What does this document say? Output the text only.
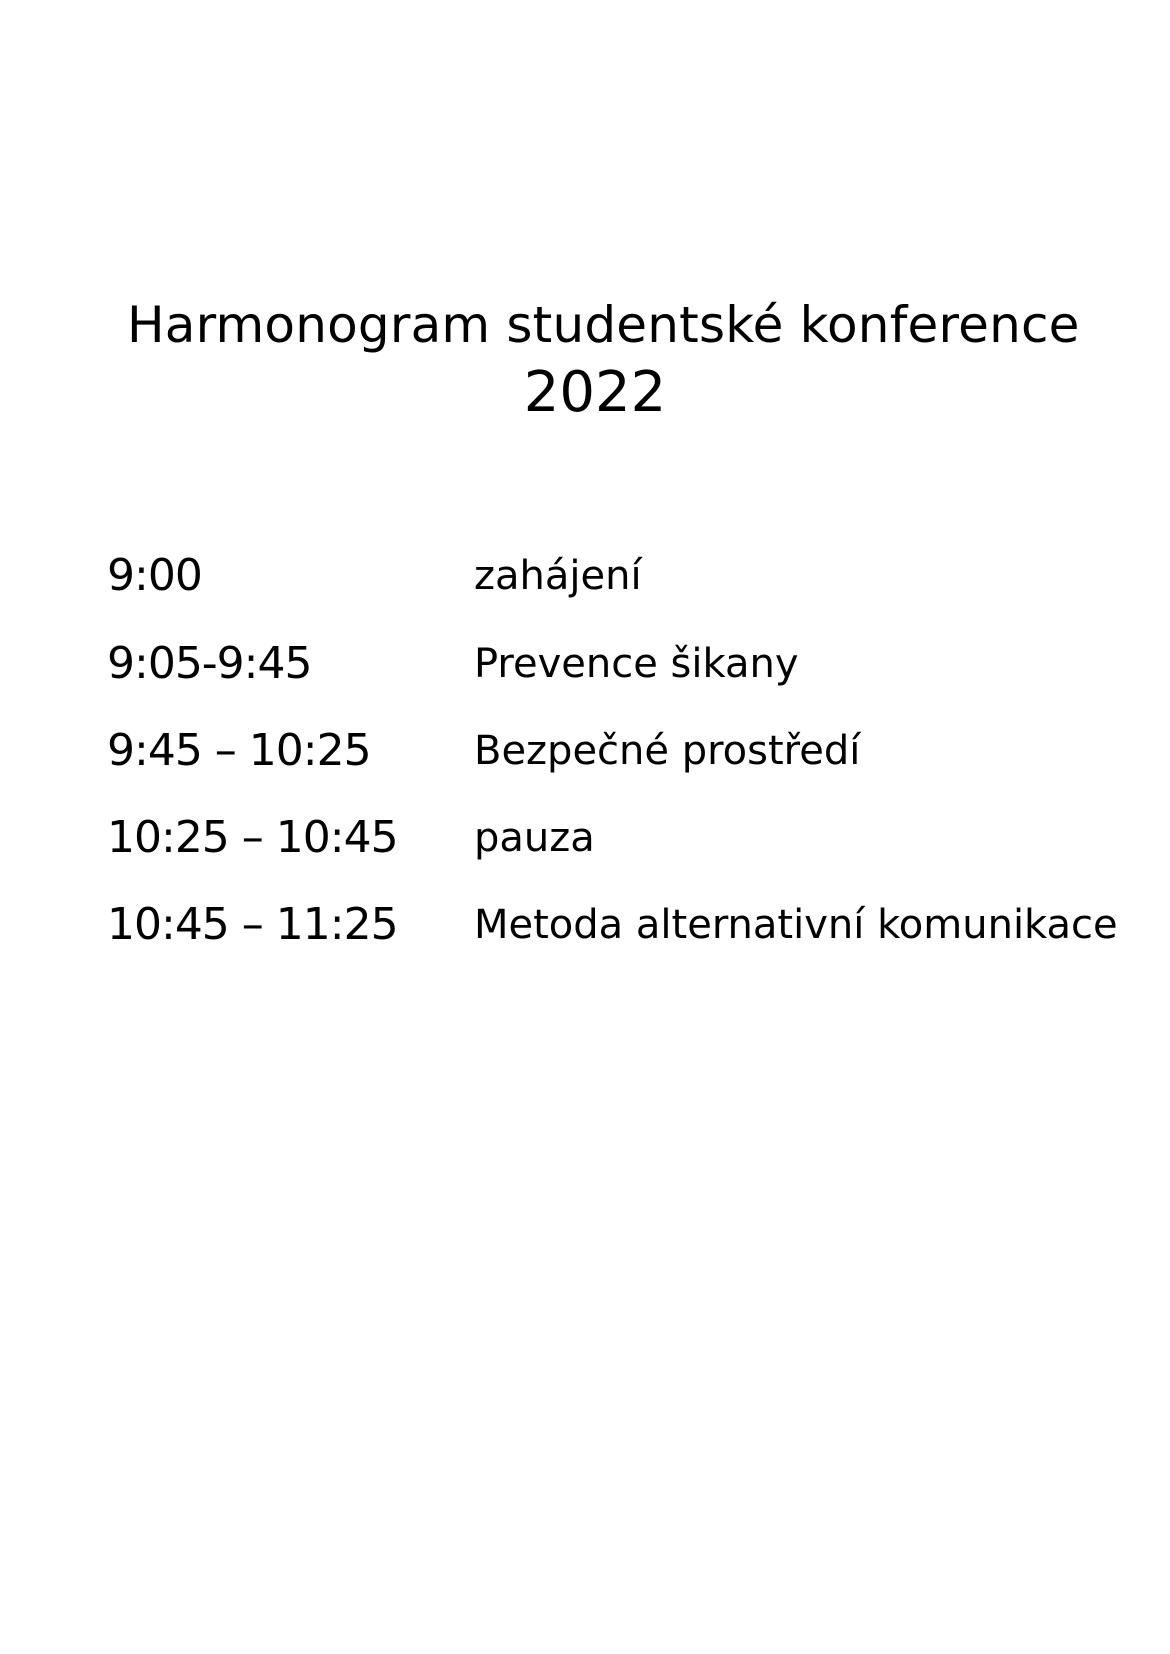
Harmonogram studentské konference
2022
9:00	zahájení
9:05-9:45	Prevence šikany
9:45 – 10:25	Bezpečné prostředí
10:25 – 10:45 pauza
10:45 – 11:25 Metoda alternativní komunikace
